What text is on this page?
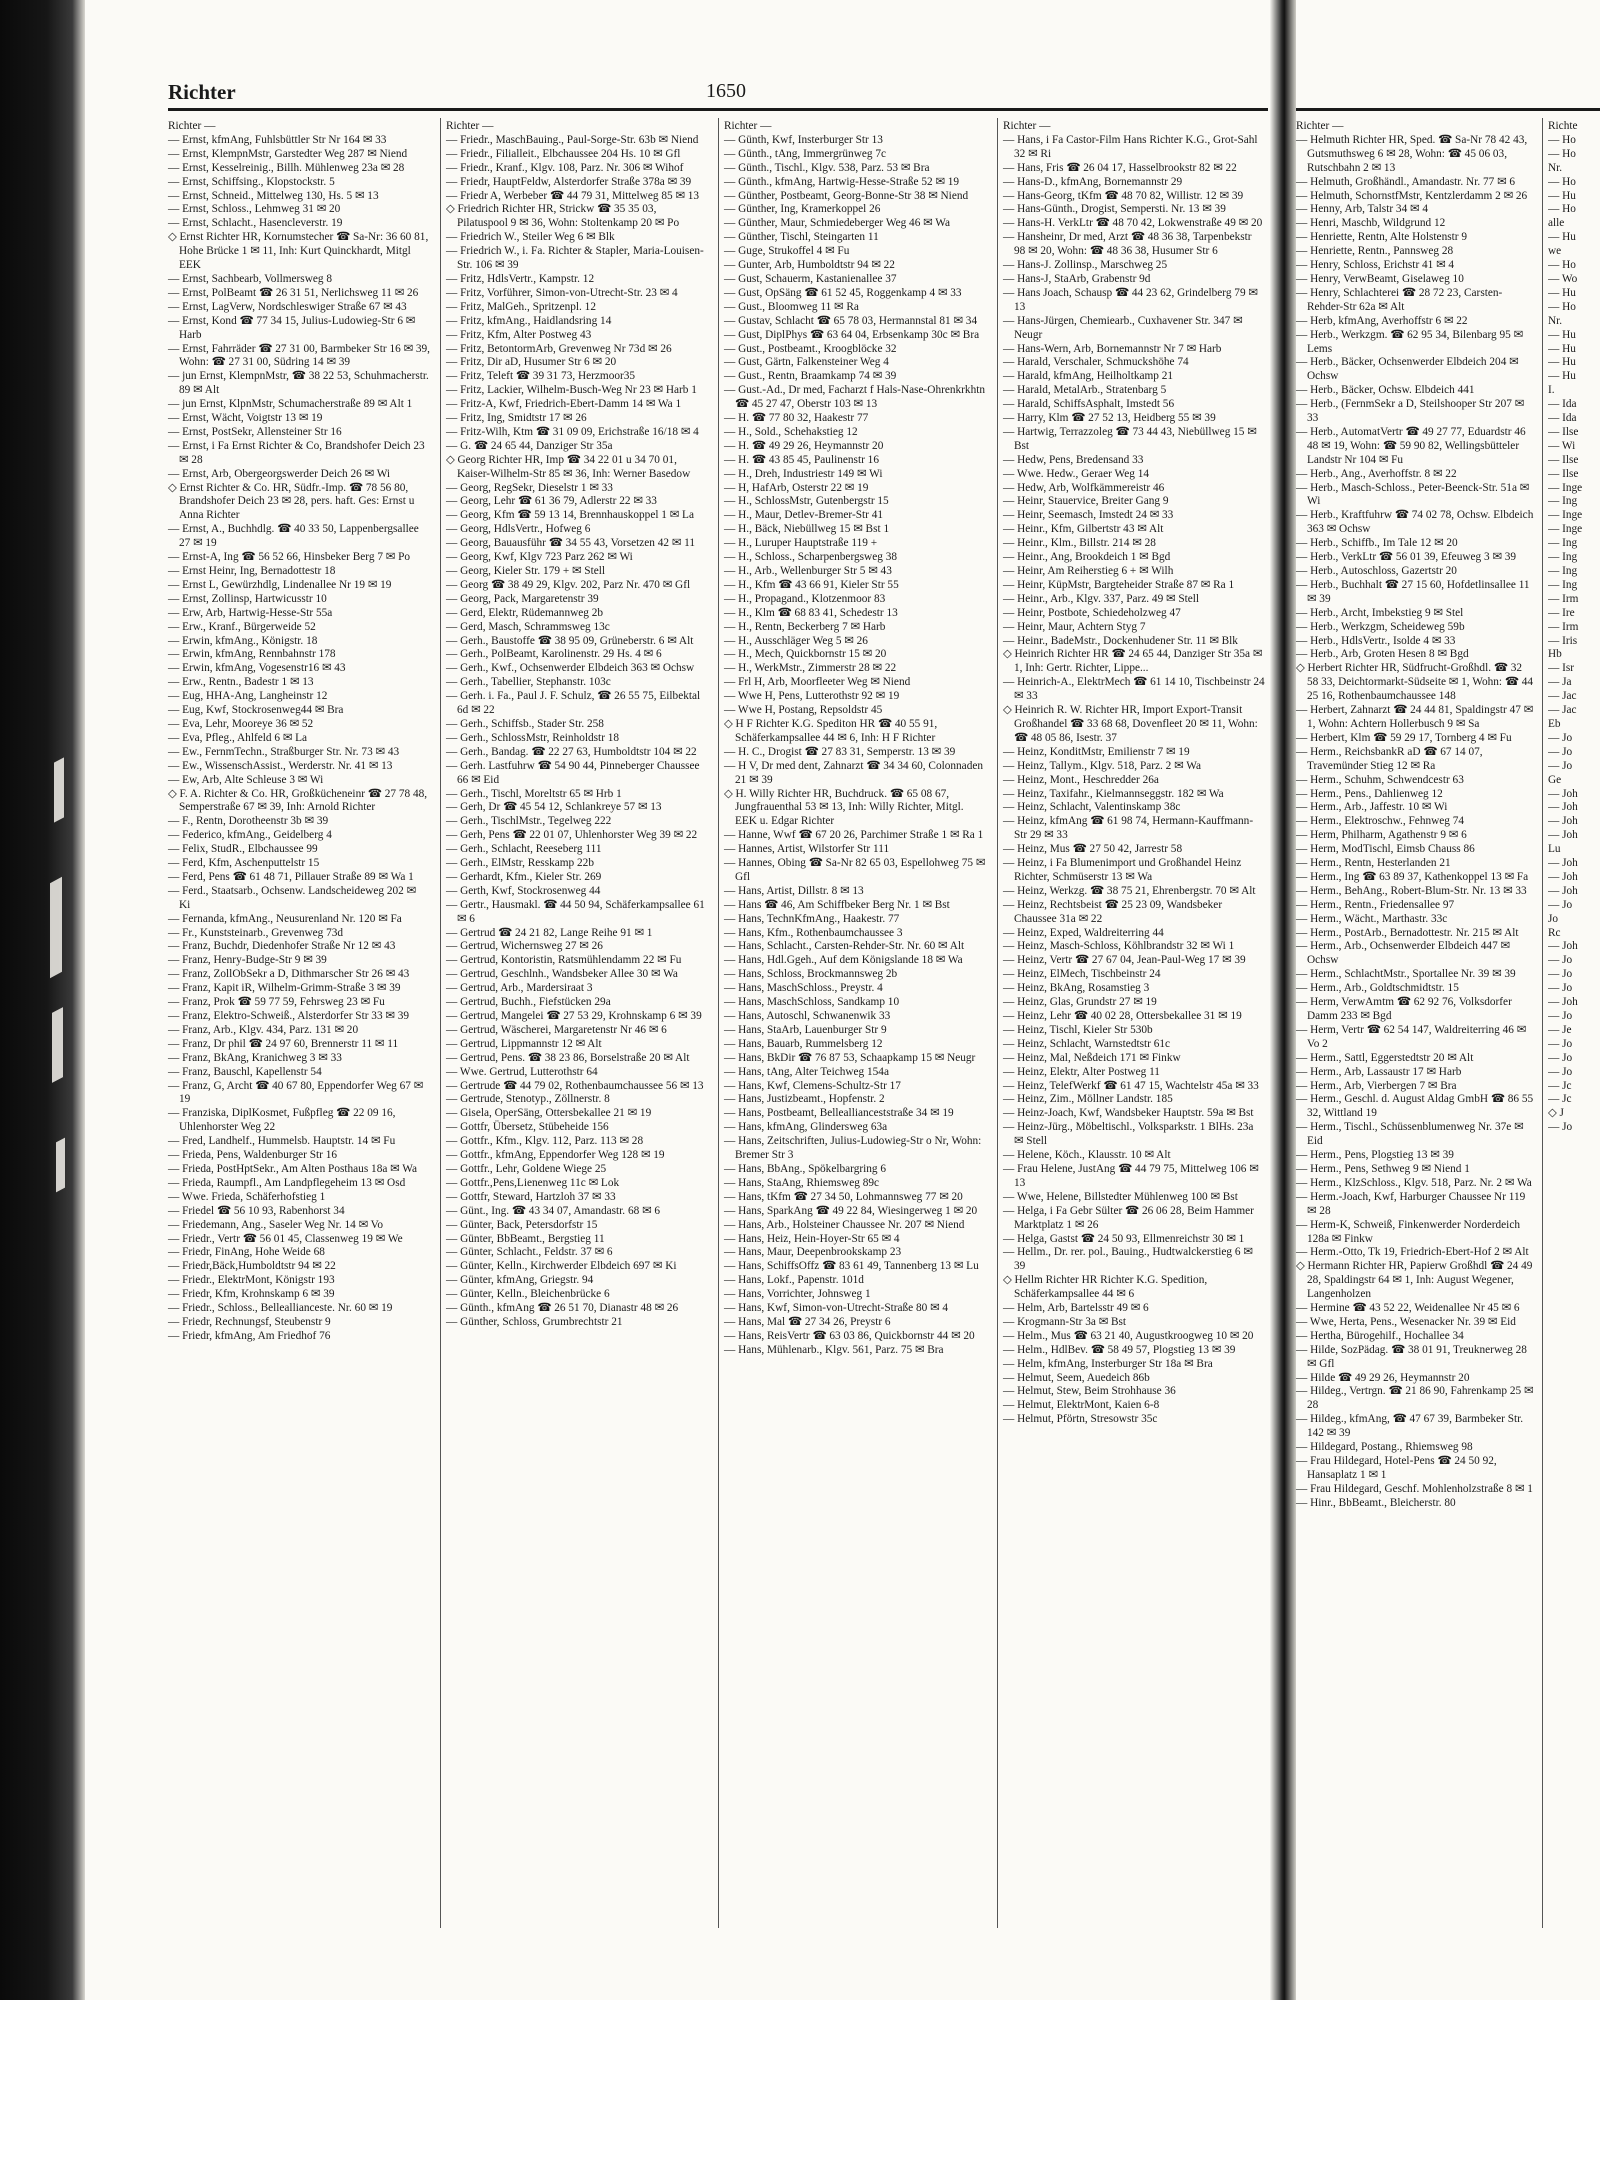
Richter	1650
Richter —
— Ernst, kfmAng, Fuhlsbüttler Str Nr 164 ✉ 33
— Ernst, KlempnMstr, Garstedter Weg 287 ✉ Niend
— Ernst, Kesselreinig., Billh. Mühlenweg 23a ✉ 28
— Ernst, Schiffsing., Klopstockstr. 5
— Ernst, Schneid., Mittelweg 130, Hs. 5 ✉ 13
— Ernst, Schloss., Lehmweg 31 ✉ 20
— Ernst, Schlacht., Hasencleverstr. 19
◇ Ernst Richter HR, Kornumstecher ☎ Sa-Nr: 36 60 81, Hohe Brücke 1 ✉ 11, Inh: Kurt Quinckhardt, Mitgl EEK
— Ernst, Sachbearb, Vollmersweg 8
— Ernst, PolBeamt ☎ 26 31 51, Nerlichsweg 11 ✉ 26
— Ernst, LagVerw, Nordschleswiger Straße 67 ✉ 43
— Ernst, Kond ☎ 77 34 15, Julius-Ludowieg-Str 6 ✉ Harb
— Ernst, Fahrräder ☎ 27 31 00, Barmbeker Str 16 ✉ 39, Wohn: ☎ 27 31 00, Südring 14 ✉ 39
— jun Ernst, KlempnMstr, ☎ 38 22 53, Schuhmacherstr. 89 ✉ Alt
— jun Ernst, KlpnMstr, Schumacherstraße 89 ✉ Alt 1
— Ernst, Wächt, Voigtstr 13 ✉ 19
— Ernst, PostSekr, Allensteiner Str 16
— Ernst, i Fa Ernst Richter & Co, Brandshofer Deich 23 ✉ 28
— Ernst, Arb, Obergeorgswerder Deich 26 ✉ Wi
◇ Ernst Richter & Co. HR, Südfr.-Imp. ☎ 78 56 80, Brandshofer Deich 23 ✉ 28, pers. haft. Ges: Ernst u Anna Richter
— Ernst, A., Buchhdlg. ☎ 40 33 50, Lappenbergsallee 27 ✉ 19
— Ernst-A, Ing ☎ 56 52 66, Hinsbeker Berg 7 ✉ Po
— Ernst Heinr, Ing, Bernadottestr 18
— Ernst L, Gewürzhdlg, Lindenallee Nr 19 ✉ 19
— Ernst, Zollinsp, Hartwicusstr 10
— Erw, Arb, Hartwig-Hesse-Str 55a
— Erw., Kranf., Bürgerweide 52
— Erwin, kfmAng., Königstr. 18
— Erwin, kfmAng, Rennbahnstr 178
— Erwin, kfmAng, Vogesenstr16 ✉ 43
— Erw., Rentn., Badestr 1 ✉ 13
— Eug, HHA-Ang, Langheinstr 12
— Eug, Kwf, Stockrosenweg44 ✉ Bra
— Eva, Lehr, Mooreye 36 ✉ 52
— Eva, Pfleg., Ahlfeld 6 ✉ La
— Ew., FernmTechn., Straßburger Str. Nr. 73 ✉ 43
— Ew., WissenschAssist., Werderstr. Nr. 41 ✉ 13
— Ew, Arb, Alte Schleuse 3 ✉ Wi
◇ F. A. Richter & Co. HR, Großkücheneinr ☎ 27 78 48, Semperstraße 67 ✉ 39, Inh: Arnold Richter
— F., Rentn, Dorotheenstr 3b ✉ 39
— Federico, kfmAng., Geidelberg 4
— Felix, StudR., Elbchaussee 99
— Ferd, Kfm, Aschenputtelstr 15
— Ferd, Pens ☎ 61 48 71, Pillauer Straße 89 ✉ Wa 1
— Ferd., Staatsarb., Ochsenw. Landscheideweg 202 ✉ Ki
— Fernanda, kfmAng., Neusurenland Nr. 120 ✉ Fa
— Fr., Kunststeinarb., Grevenweg 73d
— Franz, Buchdr, Diedenhofer Straße Nr 12 ✉ 43
— Franz, Henry-Budge-Str 9 ✉ 39
— Franz, ZollObSekr a D, Dithmarscher Str 26 ✉ 43
— Franz, Kapit iR, Wilhelm-Grimm-Straße 3 ✉ 39
— Franz, Prok ☎ 59 77 59, Fehrsweg 23 ✉ Fu
— Franz, Elektro-Schweiß., Alsterdorfer Str 33 ✉ 39
— Franz, Arb., Klgv. 434, Parz. 131 ✉ 20
— Franz, Dr phil ☎ 24 97 60, Brennerstr 11 ✉ 11
— Franz, BkAng, Kranichweg 3 ✉ 33
— Franz, Bauschl, Kapellenstr 54
— Franz, G, Archt ☎ 40 67 80, Eppendorfer Weg 67 ✉ 19
— Franziska, DiplKosmet, Fußpfleg ☎ 22 09 16, Uhlenhorster Weg 22
— Fred, Landhelf., Hummelsb. Hauptstr. 14 ✉ Fu
— Frieda, Pens, Waldenburger Str 16
— Frieda, PostHptSekr., Am Alten Posthaus 18a ✉ Wa
— Frieda, Raumpfl., Am Landpflegeheim 13 ✉ Osd
— Wwe. Frieda, Schäferhofstieg 1
— Friedel ☎ 56 10 93, Rabenhorst 34
— Friedemann, Ang., Saseler Weg Nr. 14 ✉ Vo
— Friedr., Vertr ☎ 56 01 45, Classenweg 19 ✉ We
— Friedr, FinAng, Hohe Weide 68
— Friedr,Bäck,Humboldtstr 94 ✉ 22
— Friedr., ElektrMont, Königstr 193
— Friedr, Kfm, Krohnskamp 6 ✉ 39
— Friedr., Schloss., Belleallianceste. Nr. 60 ✉ 19
— Friedr, Rechnungsf, Steubenstr 9
— Friedr, kfmAng, Am Friedhof 76
Richter —
— Friedr., MaschBauing., Paul-Sorge-Str. 63b ✉ Niend
— Friedr., Filialleit., Elbchaussee 204 Hs. 10 ✉ Gfl
— Friedr., Kranf., Klgv. 108, Parz. Nr. 306 ✉ Wihof
— Friedr, HauptFeldw, Alsterdorfer Straße 378a ✉ 39
— Friedr A, Werbeber ☎ 44 79 31, Mittelweg 85 ✉ 13
◇ Friedrich Richter HR, Strickw ☎ 35 35 03, Pilatuspool 9 ✉ 36, Wohn: Stoltenkamp 20 ✉ Po
— Friedrich W., Steiler Weg 6 ✉ Blk
— Friedrich W., i. Fa. Richter & Stapler, Maria-Louisen-Str. 106 ✉ 39
— Fritz, HdlsVertr., Kampstr. 12
— Fritz, Vorführer, Simon-von-Utrecht-Str. 23 ✉ 4
— Fritz, MalGeh., Spritzenpl. 12
— Fritz, kfmAng., Haidlandsring 14
— Fritz, Kfm, Alter Postweg 43
— Fritz, BetontormArb, Grevenweg Nr 73d ✉ 26
— Fritz, Dir aD, Husumer Str 6 ✉ 20
— Fritz, Teleft ☎ 39 31 73, Herzmoor35
— Fritz, Lackier, Wilhelm-Busch-Weg Nr 23 ✉ Harb 1
— Fritz-A, Kwf, Friedrich-Ebert-Damm 14 ✉ Wa 1
— Fritz, Ing, Smidtstr 17 ✉ 26
— Fritz-Wilh, Ktm ☎ 31 09 09, Erichstraße 16/18 ✉ 4
— G. ☎ 24 65 44, Danziger Str 35a
◇ Georg Richter HR, Imp ☎ 34 22 01 u 34 70 01, Kaiser-Wilhelm-Str 85 ✉ 36, Inh: Werner Basedow
— Georg, RegSekr, Dieselstr 1 ✉ 33
— Georg, Lehr ☎ 61 36 79, Adlerstr 22 ✉ 33
— Georg, Kfm ☎ 59 13 14, Brennhauskoppel 1 ✉ La
— Georg, HdlsVertr., Hofweg 6
— Georg, Bauausführ ☎ 34 55 43, Vorsetzen 42 ✉ 11
— Georg, Kwf, Klgv 723 Parz 262 ✉ Wi
— Georg, Kieler Str. 179 + ✉ Stell
— Georg ☎ 38 49 29, Klgv. 202, Parz Nr. 470 ✉ Gfl
— Georg, Pack, Margaretenstr 39
— Gerd, Elektr, Rüdemannweg 2b
— Gerd, Masch, Schrammsweg 13c
— Gerh., Baustoffe ☎ 38 95 09, Grüneberstr. 6 ✉ Alt
— Gerh., PolBeamt, Karolinenstr. 29 Hs. 4 ✉ 6
— Gerh., Kwf., Ochsenwerder Elbdeich 363 ✉ Ochsw
— Gerh., Tabellier, Stephanstr. 103c
— Gerh. i. Fa., Paul J. F. Schulz, ☎ 26 55 75, Eilbektal 6d ✉ 22
— Gerh., Schiffsb., Stader Str. 258
— Gerh., SchlossMstr, Reinholdstr 18
— Gerh., Bandag. ☎ 22 27 63, Humboldtstr 104 ✉ 22
— Gerh. Lastfuhrw ☎ 54 90 44, Pinneberger Chaussee 66 ✉ Eid
— Gerh., Tischl, Moreltstr 65 ✉ Hrb 1
— Gerh, Dr ☎ 45 54 12, Schlankreye 57 ✉ 13
— Gerh., TischlMstr., Tegelweg 222
— Gerh, Pens ☎ 22 01 07, Uhlenhorster Weg 39 ✉ 22
— Gerh., Schlacht, Reeseberg 111
— Gerh., ElMstr, Resskamp 22b
— Gerhardt, Kfm., Kieler Str. 269
— Gerth, Kwf, Stockrosenweg 44
— Gertr., Hausmakl. ☎ 44 50 94, Schäferkampsallee 61 ✉ 6
— Gertrud ☎ 24 21 82, Lange Reihe 91 ✉ 1
— Gertrud, Wichernsweg 27 ✉ 26
— Gertrud, Kontoristin, Ratsmühlendamm 22 ✉ Fu
— Gertrud, Geschlnh., Wandsbeker Allee 30 ✉ Wa
— Gertrud, Arb., Mardersiraat 3
— Gertrud, Buchh., Fiefstücken 29a
— Gertrud, Mangelei ☎ 27 53 29, Krohnskamp 6 ✉ 39
— Gertrud, Wäscherei, Margaretenstr Nr 46 ✉ 6
— Gertrud, Lippmannstr 12 ✉ Alt
— Gertrud, Pens. ☎ 38 23 86, Borselstraße 20 ✉ Alt
— Wwe. Gertrud, Lutterothstr 64
— Gertrude ☎ 44 79 02, Rothenbaumchaussee 56 ✉ 13
— Gertrude, Stenotyp., Zöllnerstr. 8
— Gisela, OperSäng, Ottersbekallee 21 ✉ 19
— Gottfr, Übersetz, Stübeheide 156
— Gottfr., Kfm., Klgv. 112, Parz. 113 ✉ 28
— Gottfr., kfmAng, Eppendorfer Weg 128 ✉ 19
— Gottfr., Lehr, Goldene Wiege 25
— Gottfr.,Pens,Lienenweg 11c ✉ Lok
— Gottfr, Steward, Hartzloh 37 ✉ 33
— Günt., Ing. ☎ 43 34 07, Amandastr. 68 ✉ 6
— Günter, Back, Petersdorfstr 15
— Günter, BbBeamt., Bergstieg 11
— Günter, Schlacht., Feldstr. 37 ✉ 6
— Günter, Kelln., Kirchwerder Elbdeich 697 ✉ Ki
— Günter, kfmAng, Griegstr. 94
— Günter, Kelln., Bleichenbrücke 6
— Günth., kfmAng ☎ 26 51 70, Dianastr 48 ✉ 26
— Günther, Schloss, Grumbrechtstr 21
Richter —
— Günth, Kwf, Insterburger Str 13
— Günth., tAng, Immergrünweg 7c
— Günth., Tischl., Klgv. 538, Parz. 53 ✉ Bra
— Günth., kfmAng, Hartwig-Hesse-Straße 52 ✉ 19
— Günther, Postbeamt, Georg-Bonne-Str 38 ✉ Niend
— Günther, Ing, Kramerkoppel 26
— Günther, Maur, Schmiedeberger Weg 46 ✉ Wa
— Günther, Tischl, Steingarten 11
— Guge, Strukoffel 4 ✉ Fu
— Gunter, Arb, Humboldtstr 94 ✉ 22
— Gust, Schauerm, Kastanienallee 37
— Gust, OpSäng ☎ 61 52 45, Roggenkamp 4 ✉ 33
— Gust., Bloomweg 11 ✉ Ra
— Gustav, Schlacht ☎ 65 78 03, Hermannstal 81 ✉ 34
— Gust, DiplPhys ☎ 63 64 04, Erbsenkamp 30c ✉ Bra
— Gust., Postbeamt., Kroogblöcke 32
— Gust, Gärtn, Falkensteiner Weg 4
— Gust., Rentn, Braamkamp 74 ✉ 39
— Gust.-Ad., Dr med, Facharzt f Hals-Nase-Ohrenkrkhtn ☎ 45 27 47, Oberstr 103 ✉ 13
— H. ☎ 77 80 32, Haakestr 77
— H., Sold., Schehakstieg 12
— H. ☎ 49 29 26, Heymannstr 20
— H. ☎ 43 85 45, Paulinenstr 16
— H., Dreh, Industriestr 149 ✉ Wi
— H, HafArb, Osterstr 22 ✉ 19
— H., SchlossMstr, Gutenbergstr 15
— H., Maur, Detlev-Bremer-Str 41
— H., Bäck, Niebüllweg 15 ✉ Bst 1
— H., Luruper Hauptstraße 119 +
— H., Schloss., Scharpenbergsweg 38
— H., Arb., Wellenburger Str 5 ✉ 43
— H., Kfm ☎ 43 66 91, Kieler Str 55
— H., Propagand., Klotzenmoor 83
— H., Klm ☎ 68 83 41, Schedestr 13
— H., Rentn, Beckerberg 7 ✉ Harb
— H., Ausschläger Weg 5 ✉ 26
— H., Mech, Quickbornstr 15 ✉ 20
— H., WerkMstr., Zimmerstr 28 ✉ 22
— Frl H, Arb, Moorfleeter Weg ✉ Niend
— Wwe H, Pens, Lutterothstr 92 ✉ 19
— Wwe H, Postang, Repsoldstr 45
◇ H F Richter K.G. Spediton HR ☎ 40 55 91, Schäferkampsallee 44 ✉ 6, Inh: H F Richter
— H. C., Drogist ☎ 27 83 31, Semperstr. 13 ✉ 39
— H V, Dr med dent, Zahnarzt ☎ 34 34 60, Colonnaden 21 ✉ 39
◇ H. Willy Richter HR, Buchdruck. ☎ 65 08 67, Jungfrauenthal 53 ✉ 13, Inh: Willy Richter, Mitgl. EEK u. Edgar Richter
— Hanne, Wwf ☎ 67 20 26, Parchimer Straße 1 ✉ Ra 1
— Hannes, Artist, Wilstorfer Str 111
— Hannes, Obing ☎ Sa-Nr 82 65 03, Espellohweg 75 ✉ Gfl
— Hans, Artist, Dillstr. 8 ✉ 13
— Hans ☎ 46, Am Schiffbeker Berg Nr. 1 ✉ Bst
— Hans, TechnKfmAng., Haakestr. 77
— Hans, Kfm., Rothenbaumchaussee 3
— Hans, Schlacht., Carsten-Rehder-Str. Nr. 60 ✉ Alt
— Hans, Hdl.Ggeh., Auf dem Königslande 18 ✉ Wa
— Hans, Schloss, Brockmannsweg 2b
— Hans, MaschSchloss., Preystr. 4
— Hans, MaschSchloss, Sandkamp 10
— Hans, Autoschl, Schwanenwik 33
— Hans, StaArb, Lauenburger Str 9
— Hans, Bauarb, Rummelsberg 12
— Hans, BkDir ☎ 76 87 53, Schaapkamp 15 ✉ Neugr
— Hans, tAng, Alter Teichweg 154a
— Hans, Kwf, Clemens-Schultz-Str 17
— Hans, Justizbeamt., Hopfenstr. 2
— Hans, Postbeamt, Belleallianceststraße 34 ✉ 19
— Hans, kfmAng, Glindersweg 63a
— Hans, Zeitschriften, Julius-Ludowieg-Str o Nr, Wohn: Bremer Str 3
— Hans, BbAng., Spökelbargring 6
— Hans, StaAng, Rhiemsweg 89c
— Hans, tKfm ☎ 27 34 50, Lohmannsweg 77 ✉ 20
— Hans, SparkAng ☎ 49 22 84, Wiesingerweg 1 ✉ 20
— Hans, Arb., Holsteiner Chaussee Nr. 207 ✉ Niend
— Hans, Heiz, Hein-Hoyer-Str 65 ✉ 4
— Hans, Maur, Deepenbrookskamp 23
— Hans, SchiffsOffz ☎ 83 61 49, Tannenberg 13 ✉ Lu
— Hans, Lokf., Papenstr. 101d
— Hans, Vorrichter, Johnsweg 1
— Hans, Kwf, Simon-von-Utrecht-Straße 80 ✉ 4
— Hans, Mal ☎ 27 34 26, Preystr 6
— Hans, ReisVertr ☎ 63 03 86, Quickbornstr 44 ✉ 20
— Hans, Mühlenarb., Klgv. 561, Parz. 75 ✉ Bra
Richter —
— Hans, i Fa Castor-Film Hans Richter K.G., Grot-Sahl 32 ✉ Ri
— Hans, Fris ☎ 26 04 17, Hasselbrookstr 82 ✉ 22
— Hans-D., kfmAng, Bornemannstr 29
— Hans-Georg, tKfm ☎ 48 70 82, Willistr. 12 ✉ 39
— Hans-Günth., Drogist, Sempersti. Nr. 13 ✉ 39
— Hans-H. VerkLtr ☎ 48 70 42, Lokwenstraße 49 ✉ 20
— Hansheinr, Dr med, Arzt ☎ 48 36 38, Tarpenbekstr 98 ✉ 20, Wohn: ☎ 48 36 38, Husumer Str 6
— Hans-J. Zollinsp., Marschweg 25
— Hans-J, StaArb, Grabenstr 9d
— Hans Joach, Schausp ☎ 44 23 62, Grindelberg 79 ✉ 13
— Hans-Jürgen, Chemiearb., Cuxhavener Str. 347 ✉ Neugr
— Hans-Wern, Arb, Bornemannstr Nr 7 ✉ Harb
— Harald, Verschaler, Schmuckshöhe 74
— Harald, kfmAng, Heilholtkamp 21
— Harald, MetalArb., Stratenbarg 5
— Harald, SchiffsAsphalt, Imstedt 56
— Harry, Klm ☎ 27 52 13, Heidberg 55 ✉ 39
— Hartwig, Terrazzoleg ☎ 73 44 43, Niebüllweg 15 ✉ Bst
— Hedw, Pens, Bredensand 33
— Wwe. Hedw., Geraer Weg 14
— Hedw, Arb, Wolfkämmereistr 46
— Heinr, Stauervice, Breiter Gang 9
— Heinr, Seemasch, Imstedt 24 ✉ 33
— Heinr., Kfm, Gilbertstr 43 ✉ Alt
— Heinr., Klm., Billstr. 214 ✉ 28
— Heinr., Ang, Brookdeich 1 ✉ Bgd
— Heinr, Am Reiherstieg 6 + ✉ Wilh
— Heinr, KüpMstr, Bargteheider Straße 87 ✉ Ra 1
— Heinr., Arb., Klgv. 337, Parz. 49 ✉ Stell
— Heinr, Postbote, Schiedeholzweg 47
— Heinr, Maur, Achtern Styg 7
— Heinr., BadeMstr., Dockenhudener Str. 11 ✉ Blk
◇ Heinrich Richter HR ☎ 24 65 44, Danziger Str 35a ✉ 1, Inh: Gertr. Richter, Lippe...
— Heinrich-A., ElektrMech ☎ 61 14 10, Tischbeinstr 24 ✉ 33
◇ Heinrich R. W. Richter HR, Import Export-Transit Großhandel ☎ 33 68 68, Dovenfleet 20 ✉ 11, Wohn: ☎ 48 05 86, Isestr. 37
— Heinz, KonditMstr, Emilienstr 7 ✉ 19
— Heinz, Tallym., Klgv. 518, Parz. 2 ✉ Wa
— Heinz, Mont., Heschredder 26a
— Heinz, Taxifahr., Kielmannseggstr. 182 ✉ Wa
— Heinz, Schlacht, Valentinskamp 38c
— Heinz, kfmAng ☎ 61 98 74, Hermann-Kauffmann-Str 29 ✉ 33
— Heinz, Mus ☎ 27 50 42, Jarrestr 58
— Heinz, i Fa Blumenimport und Großhandel Heinz Richter, Schmüserstr 13 ✉ Wa
— Heinz, Werkzg. ☎ 38 75 21, Ehrenbergstr. 70 ✉ Alt
— Heinz, Rechtsbeist ☎ 25 23 09, Wandsbeker Chaussee 31a ✉ 22
— Heinz, Exped, Waldreiterring 44
— Heinz, Masch-Schloss, Köhlbrandstr 32 ✉ Wi 1
— Heinz, Vertr ☎ 27 67 04, Jean-Paul-Weg 17 ✉ 39
— Heinz, ElMech, Tischbeinstr 24
— Heinz, BkAng, Rosamstieg 3
— Heinz, Glas, Grundstr 27 ✉ 19
— Heinz, Lehr ☎ 40 02 28, Ottersbekallee 31 ✉ 19
— Heinz, Tischl, Kieler Str 530b
— Heinz, Schlacht, Warnstedtstr 61c
— Heinz, Mal, Neßdeich 171 ✉ Finkw
— Heinz, Elektr, Alter Postweg 11
— Heinz, TelefWerkf ☎ 61 47 15, Wachtelstr 45a ✉ 33
— Heinz, Zim., Möllner Landstr. 185
— Heinz-Joach, Kwf, Wandsbeker Hauptstr. 59a ✉ Bst
— Heinz-Jürg., Möbeltischl., Volksparkstr. 1 BlHs. 23a ✉ Stell
— Helene, Köch., Klausstr. 10 ✉ Alt
— Frau Helene, JustAng ☎ 44 79 75, Mittelweg 106 ✉ 13
— Wwe, Helene, Billstedter Mühlenweg 100 ✉ Bst
— Helga, i Fa Gebr Sülter ☎ 26 06 28, Beim Hammer Marktplatz 1 ✉ 26
— Helga, Gastst ☎ 24 50 93, Ellmenreichstr 30 ✉ 1
— Hellm., Dr. rer. pol., Bauing., Hudtwalckerstieg 6 ✉ 39
◇ Hellm Richter HR Richter K.G. Spedition, Schäferkampsallee 44 ✉ 6
— Helm, Arb, Bartelsstr 49 ✉ 6
— Krogmann-Str 3a ✉ Bst
— Helm., Mus ☎ 63 21 40, Augustkroogweg 10 ✉ 20
— Helm., HdlBev. ☎ 58 49 57, Plogstieg 13 ✉ 39
— Helm, kfmAng, Insterburger Str 18a ✉ Bra
— Helmut, Seem, Auedeich 86b
— Helmut, Stew, Beim Strohhause 36
— Helmut, ElektrMont, Kaien 6-8
— Helmut, Pförtn, Stresowstr 35c
Richter —
— Helmuth Richter HR, Sped. ☎ Sa-Nr 78 42 43, Gutsmuthsweg 6 ✉ 28, Wohn: ☎ 45 06 03, Rutschbahn 2 ✉ 13
— Helmuth, Großhändl., Amandastr. Nr. 77 ✉ 6
— Helmuth, SchornstfMstr, Kentzlerdamm 2 ✉ 26
— Henny, Arb, Talstr 34 ✉ 4
— Henri, Maschb, Wildgrund 12
— Henriette, Rentn, Alte Holstenstr 9
— Henriette, Rentn., Pannsweg 28
— Henry, Schloss, Erichstr 41 ✉ 4
— Henry, VerwBeamt, Giselaweg 10
— Henry, Schlachterei ☎ 28 72 23, Carsten-Rehder-Str 62a ✉ Alt
— Herb, kfmAng, Averhoffstr 6 ✉ 22
— Herb., Werkzgm. ☎ 62 95 34, Bilenbarg 95 ✉ Lems
— Herb., Bäcker, Ochsenwerder Elbdeich 204 ✉ Ochsw
— Herb., Bäcker, Ochsw. Elbdeich 441
— Herb., (FernmSekr a D, Steilshooper Str 207 ✉ 33
— Herb., AutomatVertr ☎ 49 27 77, Eduardstr 46 48 ✉ 19, Wohn: ☎ 59 90 82, Wellingsbütteler Landstr Nr 104 ✉ Fu
— Herb., Ang., Averhoffstr. 8 ✉ 22
— Herb., Masch-Schloss., Peter-Beenck-Str. 51a ✉ Wi
— Herb., Kraftfuhrw ☎ 74 02 78, Ochsw. Elbdeich 363 ✉ Ochsw
— Herb., Schiffb., Im Tale 12 ✉ 20
— Herb., VerkLtr ☎ 56 01 39, Efeuweg 3 ✉ 39
— Herb., Autoschloss, Gazertstr 20
— Herb., Buchhalt ☎ 27 15 60, Hofdetlinsallee 11 ✉ 39
— Herb., Archt, Imbekstieg 9 ✉ Stel
— Herb., Werkzgm, Scheideweg 59b
— Herb., HdlsVertr., Isolde 4 ✉ 33
— Herb., Arb, Groten Hesen 8 ✉ Bgd
◇ Herbert Richter HR, Südfrucht-Großhdl. ☎ 32 58 33, Deichtormarkt-Südseite ✉ 1, Wohn: ☎ 44 25 16, Rothenbaumchaussee 148
— Herbert, Zahnarzt ☎ 24 44 81, Spaldingstr 47 ✉ 1, Wohn: Achtern Hollerbusch 9 ✉ Sa
— Herbert, Klm ☎ 59 29 17, Tornberg 4 ✉ Fu
— Herm., ReichsbankR aD ☎ 67 14 07, Travemünder Stieg 12 ✉ Ra
— Herm., Schuhm, Schwendcestr 63
— Herm., Pens., Dahlienweg 12
— Herm., Arb., Jaffestr. 10 ✉ Wi
— Herm., Elektroschw., Fehnweg 74
— Herm, Philharm, Agathenstr 9 ✉ 6
— Herm, ModTischl, Eimsb Chauss 86
— Herm., Rentn, Hesterlanden 21
— Herm., Ing ☎ 63 89 37, Kathenkoppel 13 ✉ Fa
— Herm., BehAng., Robert-Blum-Str. Nr. 13 ✉ 33
— Herm., Rentn., Friedensallee 97
— Herm., Wächt., Marthastr. 33c
— Herm., PostArb., Bernadottestr. Nr. 215 ✉ Alt
— Herm., Arb., Ochsenwerder Elbdeich 447 ✉ Ochsw
— Herm., SchlachtMstr., Sportallee Nr. 39 ✉ 39
— Herm., Arb., Goldtschmidtstr. 15
— Herm, VerwAmtm ☎ 62 92 76, Volksdorfer Damm 233 ✉ Bgd
— Herm, Vertr ☎ 62 54 147, Waldreiterring 46 ✉ Vo 2
— Herm., Sattl, Eggerstedtstr 20 ✉ Alt
— Herm., Arb, Lassaustr 17 ✉ Harb
— Herm., Arb, Vierbergen 7 ✉ Bra
— Herm., Geschl. d. August Aldag GmbH ☎ 86 55 32, Wittland 19
— Herm., Tischl., Schüssenblumenweg Nr. 37e ✉ Eid
— Herm., Pens, Plogstieg 13 ✉ 39
— Herm., Pens, Sethweg 9 ✉ Niend 1
— Herm., KlzSchloss., Klgv. 518, Parz. Nr. 2 ✉ Wa
— Herm.-Joach, Kwf, Harburger Chaussee Nr 119 ✉ 28
— Herm-K, Schweiß, Finkenwerder Norderdeich 128a ✉ Finkw
— Herm.-Otto, Tk 19, Friedrich-Ebert-Hof 2 ✉ Alt
◇ Hermann Richter HR, Papierw Großhdl ☎ 24 49 28, Spaldingstr 64 ✉ 1, Inh: August Wegener, Langenholzen
— Hermine ☎ 43 52 22, Weidenallee Nr 45 ✉ 6
— Wwe, Herta, Pens., Wesenacker Nr. 39 ✉ Eid
— Hertha, Bürogehilf., Hochallee 34
— Hilde, SozPädag. ☎ 38 01 91, Treuknerweg 28 ✉ Gfl
— Hilde ☎ 49 29 26, Heymannstr 20
— Hildeg., Vertrgn. ☎ 21 86 90, Fahrenkamp 25 ✉ 28
— Hildeg., kfmAng, ☎ 47 67 39, Barmbeker Str. 142 ✉ 39
— Hildegard, Postang., Rhiemsweg 98
— Frau Hildegard, Hotel-Pens ☎ 24 50 92, Hansaplatz 1 ✉ 1
— Frau Hildegard, Geschf. Mohlenholzstraße 8 ✉ 1
— Hinr., BbBeamt., Bleicherstr. 80
Richte
— Ho
— Ho
Nr.
— Ho
— Hu
— Ho
alle
— Hu
we
— Ho
— Wo
— Hu
— Ho
Nr.
— Hu
— Hu
— Hu
— Hu
I.
— Ida
— Ida
— Ilse
— Wi
— Ilse
— Ilse
— Inge
— Ing
— Inge
— Inge
— Ing
— Ing
— Ing
— Ing
— Irm
— Ire
— Irm
— Iris
Hb
— Isr
— Ja
— Jac
— Jac
Eb
— Jo
— Jo
— Jo
Ge
— Joh
— Joh
— Joh
— Joh
Lu
— Joh
— Joh
— Joh
— Jo
Jo
Rc
— Joh
— Jo
— Jo
— Jo
— Joh
— Jo
— Je
— Jo
— Jo
— Jo
— Jc
— Jc
◇ J
— Jo
